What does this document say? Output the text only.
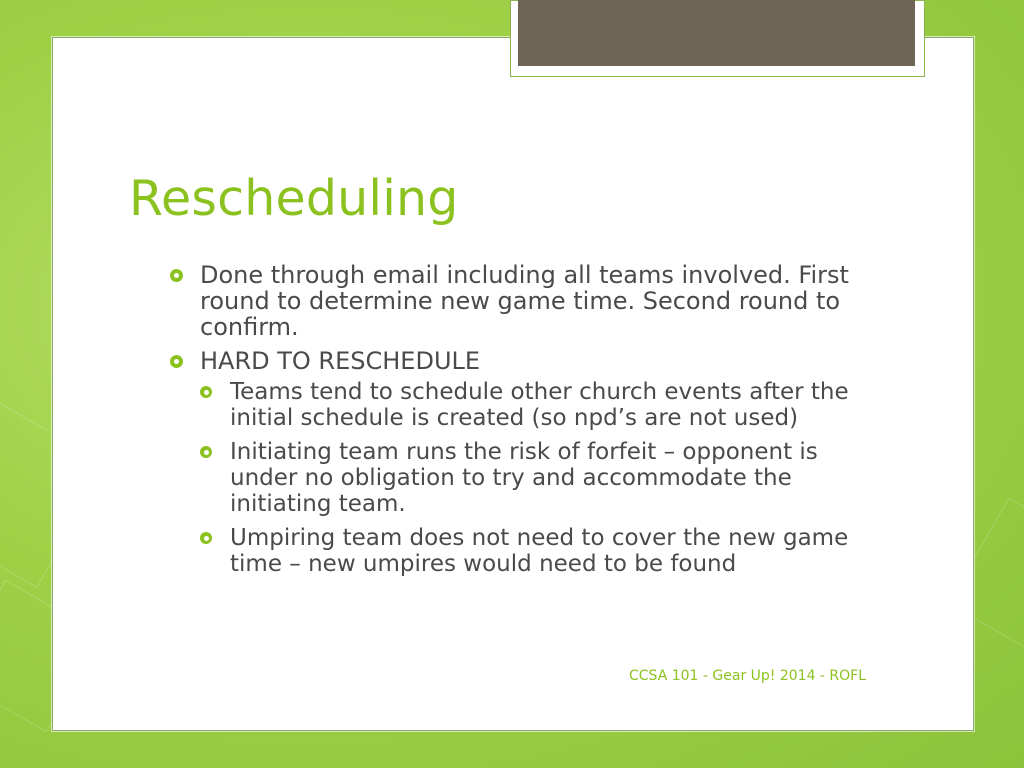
Rescheduling
Done through email including all teams involved. First round to determine new game time. Second round to confirm.
HARD TO RESCHEDULE
Teams tend to schedule other church events after the initial schedule is created (so npd’s are not used)
Initiating team runs the risk of forfeit – opponent is under no obligation to try and accommodate the initiating team.
Umpiring team does not need to cover the new game time – new umpires would need to be found
CCSA 101 - Gear Up! 2014 - ROFL
